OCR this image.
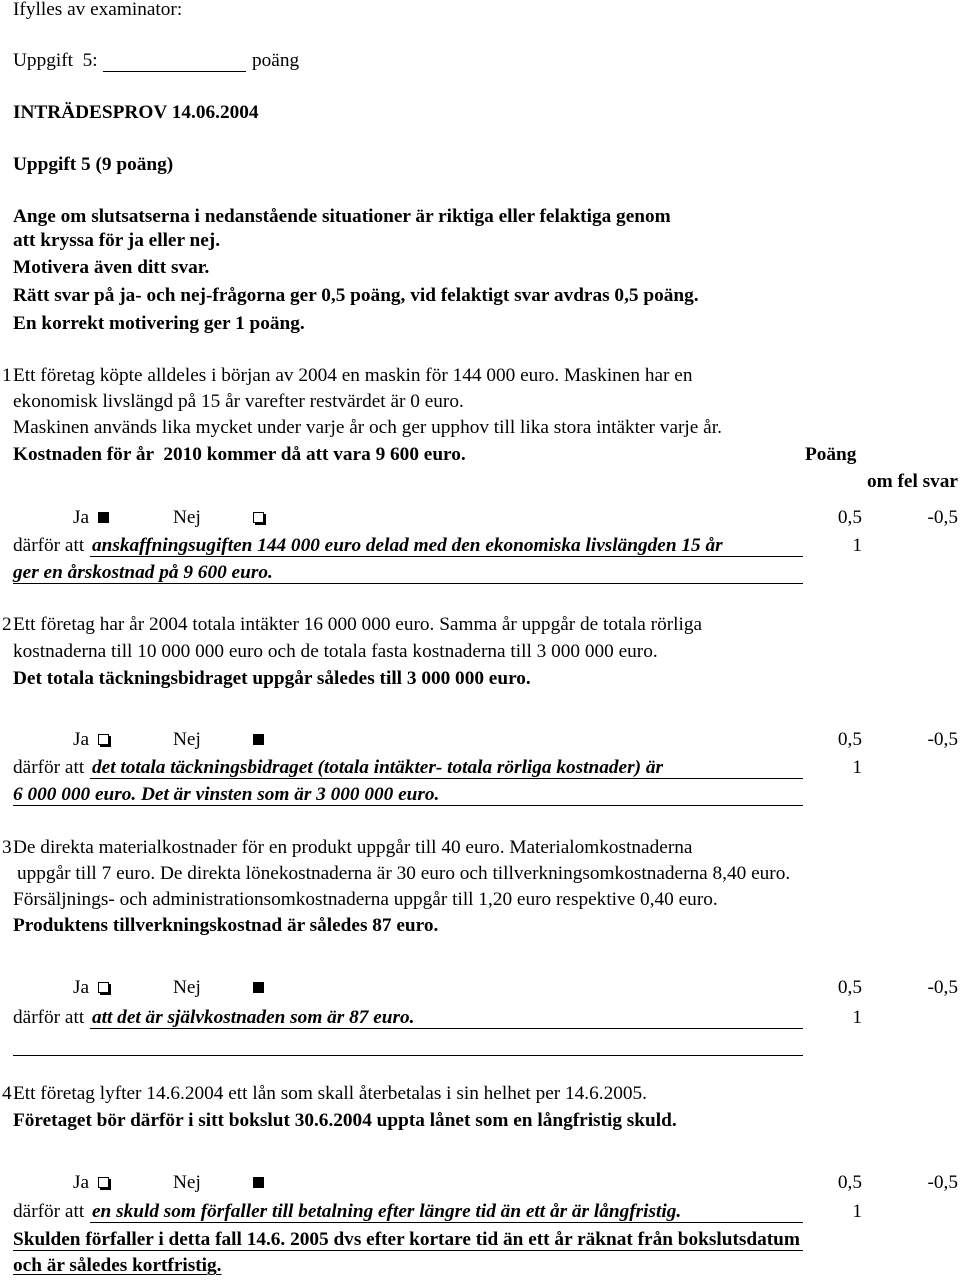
Ifylles av examinator:
Uppgift  5:	poäng
INTRÄDESPROV 14.06.2004
Uppgift 5 (9 poäng)
Ange om slutsatserna i nedanstående situationer är riktiga eller felaktiga genom
att kryssa för ja eller nej.
Motivera även ditt svar.
Rätt svar på ja- och nej-frågorna ger 0,5 poäng, vid felaktigt svar avdras 0,5 poäng.
En korrekt motivering ger 1 poäng.
1 Ett företag köpte alldeles i början av 2004 en maskin för 144 000 euro. Maskinen har en
ekonomisk livslängd på 15 år varefter restvärdet är 0 euro.
Maskinen används lika mycket under varje år och ger upphov till lika stora intäkter varje år.
Kostnaden för år  2010 kommer då att vara 9 600 euro.	Poäng
om fel svar
Ja	Nej	0,5	-0,5
därför att anskaffningsugiften 144 000 euro delad med den ekonomiska livslängden 15 år	1
ger en årskostnad på 9 600 euro.
2 Ett företag har år 2004 totala intäkter 16 000 000 euro. Samma år uppgår de totala rörliga
kostnaderna till 10 000 000 euro och de totala fasta kostnaderna till 3 000 000 euro.
Det totala täckningsbidraget uppgår således till 3 000 000 euro.
Ja	Nej	0,5	-0,5
därför att det totala täckningsbidraget (totala intäkter- totala rörliga kostnader) är	1
6 000 000 euro. Det är vinsten som är 3 000 000 euro.
3 De direkta materialkostnader för en produkt uppgår till 40 euro. Materialomkostnaderna
uppgår till 7 euro. De direkta lönekostnaderna är 30 euro och tillverkningsomkostnaderna 8,40 euro.
Försäljnings- och administrationsomkostnaderna uppgår till 1,20 euro respektive 0,40 euro.
Produktens tillverkningskostnad är således 87 euro.
Ja	Nej	0,5	-0,5
därför att att det är självkostnaden som är 87 euro.	1
4 Ett företag lyfter 14.6.2004 ett lån som skall återbetalas i sin helhet per 14.6.2005.
Företaget bör därför i sitt bokslut 30.6.2004 uppta lånet som en långfristig skuld.
Ja	Nej	0,5	-0,5
därför att en skuld som förfaller till betalning efter längre tid än ett år är långfristig.	1
Skulden förfaller i detta fall 14.6. 2005 dvs efter kortare tid än ett år räknat från bokslutsdatum
och är således kortfristig.
